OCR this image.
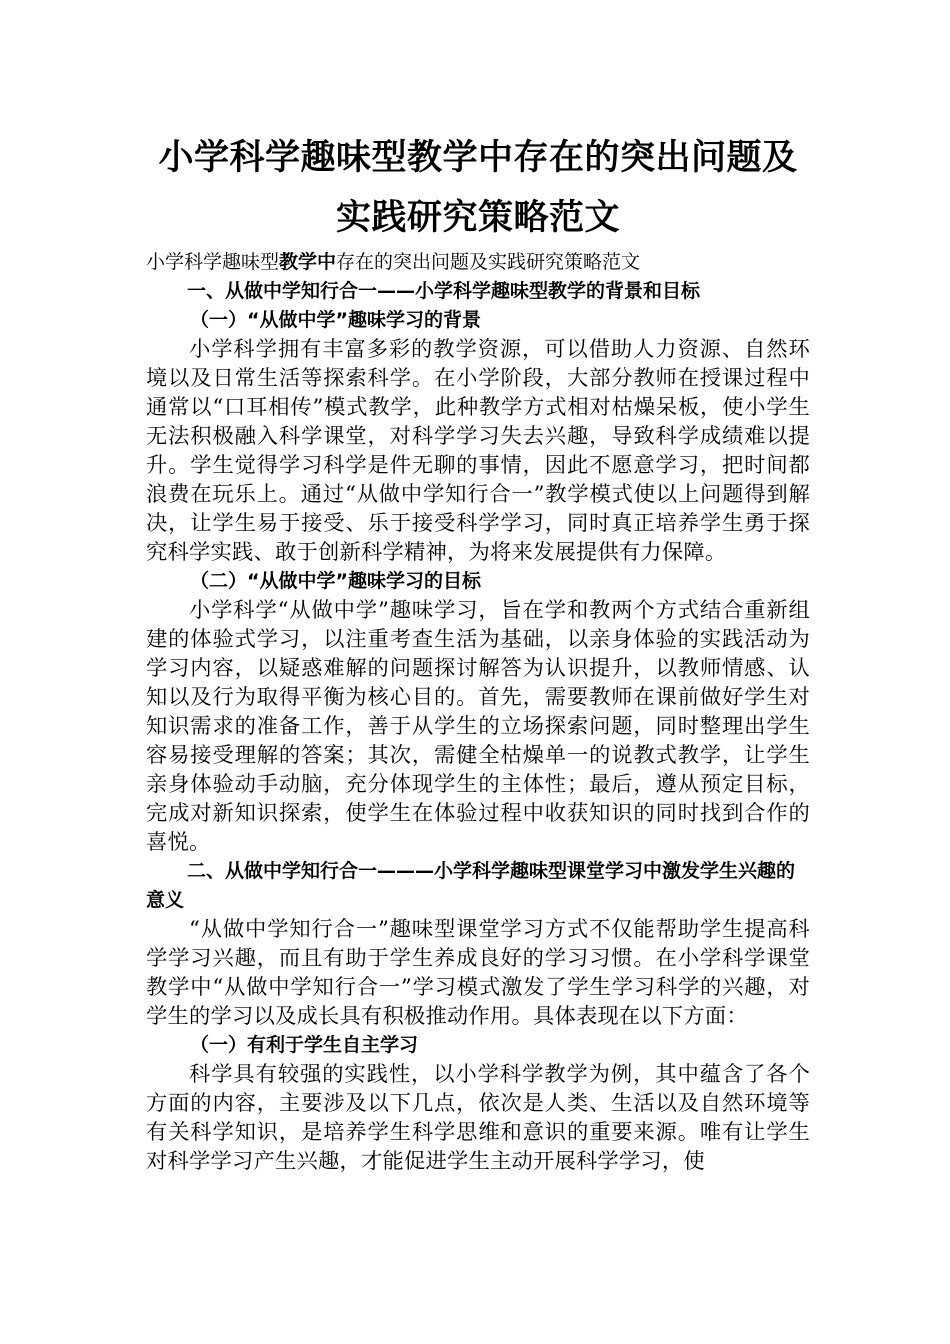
小学科学趣味型教学中存在的突出问题及
实践研究策略范文

小学科学趣味型教学中存在的突出问题及实践研究策略范文

一、从做中学知行合一——小学科学趣味型教学的背景和目标

（一）“从做中学”趣味学习的背景

小学科学拥有丰富多彩的教学资源，可以借助人力资源、自然环境以及日常生活等探索科学。在小学阶段，大部分教师在授课过程中通常以“口耳相传”模式教学，此种教学方式相对枯燥呆板，使小学生无法积极融入科学课堂，对科学学习失去兴趣，导致科学成绩难以提升。学生觉得学习科学是件无聊的事情，因此不愿意学习，把时间都浪费在玩乐上。通过“从做中学知行合一”教学模式使以上问题得到解决，让学生易于接受、乐于接受科学学习，同时真正培养学生勇于探究科学实践、敢于创新科学精神，为将来发展提供有力保障。

（二）“从做中学”趣味学习的目标

小学科学“从做中学”趣味学习，旨在学和教两个方式结合重新组建的体验式学习，以注重考查生活为基础，以亲身体验的实践活动为学习内容，以疑惑难解的问题探讨解答为认识提升，以教师情感、认知以及行为取得平衡为核心目的。首先，需要教师在课前做好学生对知识需求的准备工作，善于从学生的立场探索问题，同时整理出学生容易接受理解的答案；其次，需健全枯燥单一的说教式教学，让学生亲身体验动手动脑，充分体现学生的主体性；最后，遵从预定目标，完成对新知识探索，使学生在体验过程中收获知识的同时找到合作的喜悦。

二、从做中学知行合一———小学科学趣味型课堂学习中激发学生兴趣的意义

“从做中学知行合一”趣味型课堂学习方式不仅能帮助学生提高科学学习兴趣，而且有助于学生养成良好的学习习惯。在小学科学课堂教学中“从做中学知行合一”学习模式激发了学生学习科学的兴趣，对学生的学习以及成长具有积极推动作用。具体表现在以下方面：

（一）有利于学生自主学习

科学具有较强的实践性，以小学科学教学为例，其中蕴含了各个方面的内容，主要涉及以下几点，依次是人类、生活以及自然环境等有关科学知识，是培养学生科学思维和意识的重要来源。唯有让学生对科学学习产生兴趣，才能促进学生主动开展科学学习，使
